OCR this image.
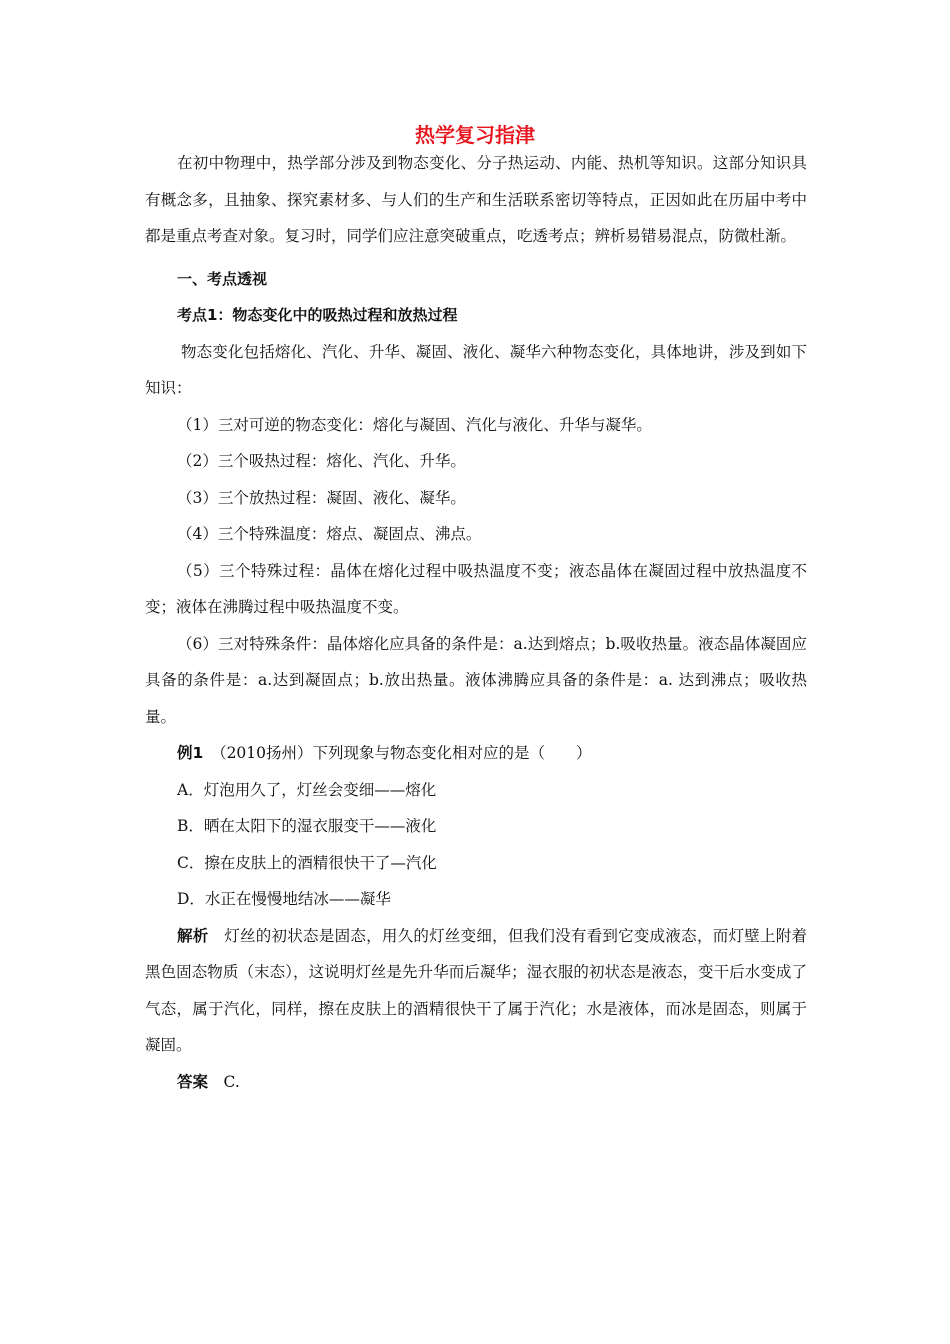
热学复习指津

在初中物理中，热学部分涉及到物态变化、分子热运动、内能、热机等知识。这部分知识具有概念多，且抽象、探究素材多、与人们的生产和生活联系密切等特点，正因如此在历届中考中都是重点考查对象。复习时，同学们应注意突破重点，吃透考点；辨析易错易混点，防微杜渐。

一、考点透视

考点1：物态变化中的吸热过程和放热过程

物态变化包括熔化、汽化、升华、凝固、液化、凝华六种物态变化，具体地讲，涉及到如下知识：

（1）三对可逆的物态变化：熔化与凝固、汽化与液化、升华与凝华。

（2）三个吸热过程：熔化、汽化、升华。

（3）三个放热过程：凝固、液化、凝华。

（4）三个特殊温度：熔点、凝固点、沸点。

（5）三个特殊过程：晶体在熔化过程中吸热温度不变；液态晶体在凝固过程中放热温度不变；液体在沸腾过程中吸热温度不变。

（6）三对特殊条件：晶体熔化应具备的条件是：a.达到熔点；b.吸收热量。液态晶体凝固应具备的条件是：a.达到凝固点；b.放出热量。液体沸腾应具备的条件是：a. 达到沸点；吸收热量。

例1　 （2010扬州）下列现象与物态变化相对应的是（　　）

A．灯泡用久了，灯丝会变细——熔化

B．晒在太阳下的湿衣服变干——液化

C．擦在皮肤上的酒精很快干了—汽化

D．水正在慢慢地结冰——凝华

解析　 灯丝的初状态是固态，用久的灯丝变细，但我们没有看到它变成液态，而灯壁上附着黑色固态物质（末态），这说明灯丝是先升华而后凝华；湿衣服的初状态是液态，变干后水变成了气态，属于汽化，同样，擦在皮肤上的酒精很快干了属于汽化；水是液体，而冰是固态，则属于凝固。

答案　 C.
